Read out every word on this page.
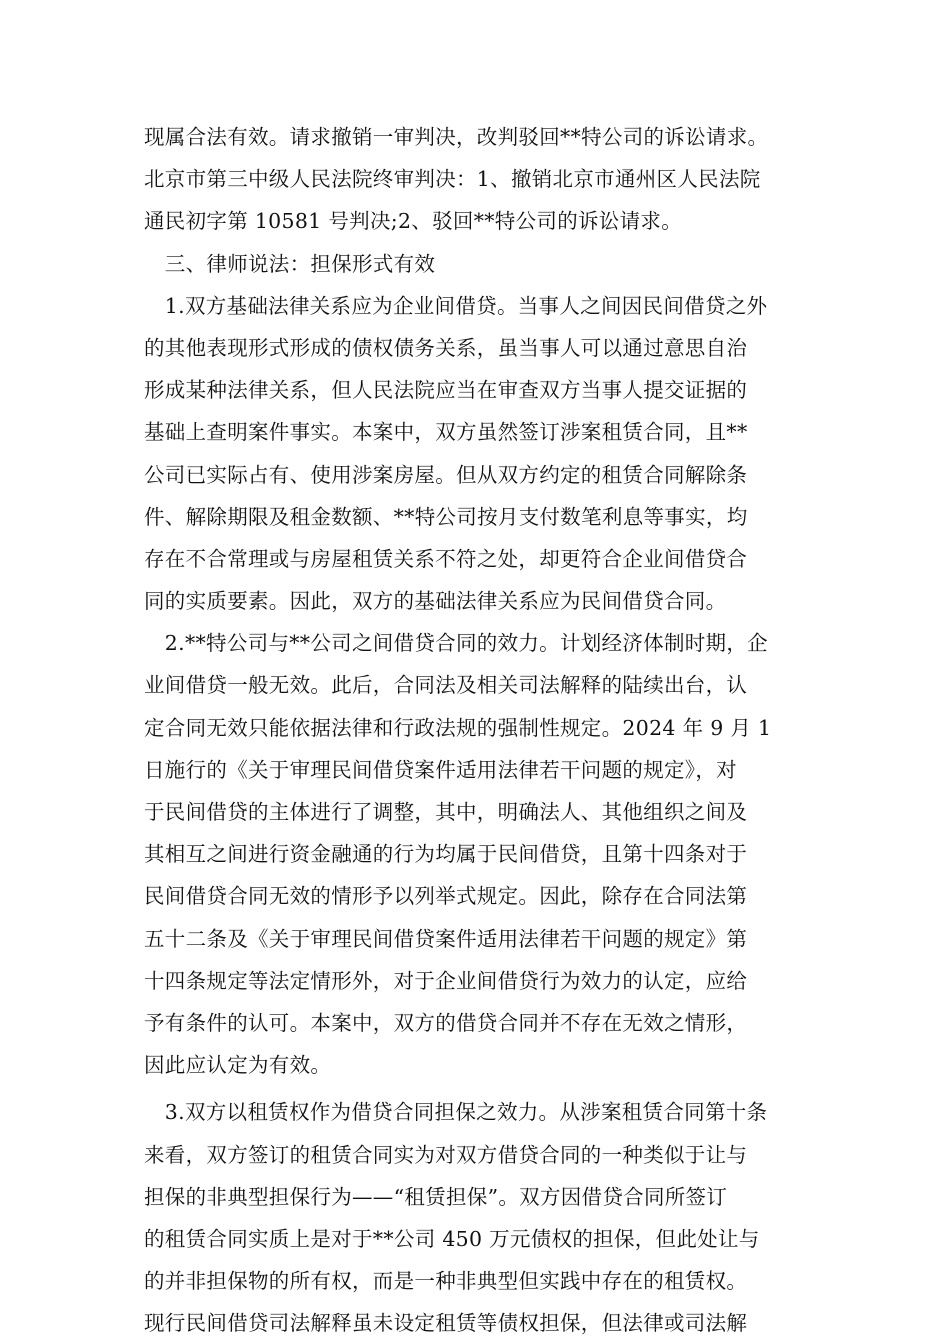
现属合法有效。请求撤销一审判决，改判驳回**特公司的诉讼请求。
北京市第三中级人民法院终审判决：1、撤销北京市通州区人民法院
通民初字第 10581 号判决;2、驳回**特公司的诉讼请求。
　三、律师说法：担保形式有效
　1.双方基础法律关系应为企业间借贷。当事人之间因民间借贷之外
的其他表现形式形成的债权债务关系，虽当事人可以通过意思自治
形成某种法律关系，但人民法院应当在审查双方当事人提交证据的
基础上查明案件事实。本案中，双方虽然签订涉案租赁合同，且**
公司已实际占有、使用涉案房屋。但从双方约定的租赁合同解除条
件、解除期限及租金数额、**特公司按月支付数笔利息等事实，均
存在不合常理或与房屋租赁关系不符之处，却更符合企业间借贷合
同的实质要素。因此，双方的基础法律关系应为民间借贷合同。
　2.**特公司与**公司之间借贷合同的效力。计划经济体制时期，企
业间借贷一般无效。此后，合同法及相关司法解释的陆续出台，认
定合同无效只能依据法律和行政法规的强制性规定。2024 年 9 月 1
日施行的《关于审理民间借贷案件适用法律若干问题的规定》，对
于民间借贷的主体进行了调整，其中，明确法人、其他组织之间及
其相互之间进行资金融通的行为均属于民间借贷，且第十四条对于
民间借贷合同无效的情形予以列举式规定。因此，除存在合同法第
五十二条及《关于审理民间借贷案件适用法律若干问题的规定》第
十四条规定等法定情形外，对于企业间借贷行为效力的认定，应给
予有条件的认可。本案中，双方的借贷合同并不存在无效之情形，
因此应认定为有效。
　3.双方以租赁权作为借贷合同担保之效力。从涉案租赁合同第十条
来看，双方签订的租赁合同实为对双方借贷合同的一种类似于让与
担保的非典型担保行为——“租赁担保”。双方因借贷合同所签订
的租赁合同实质上是对于**公司 450 万元债权的担保，但此处让与
的并非担保物的所有权，而是一种非典型但实践中存在的租赁权。
现行民间借贷司法解释虽未设定租赁等债权担保，但法律或司法解
